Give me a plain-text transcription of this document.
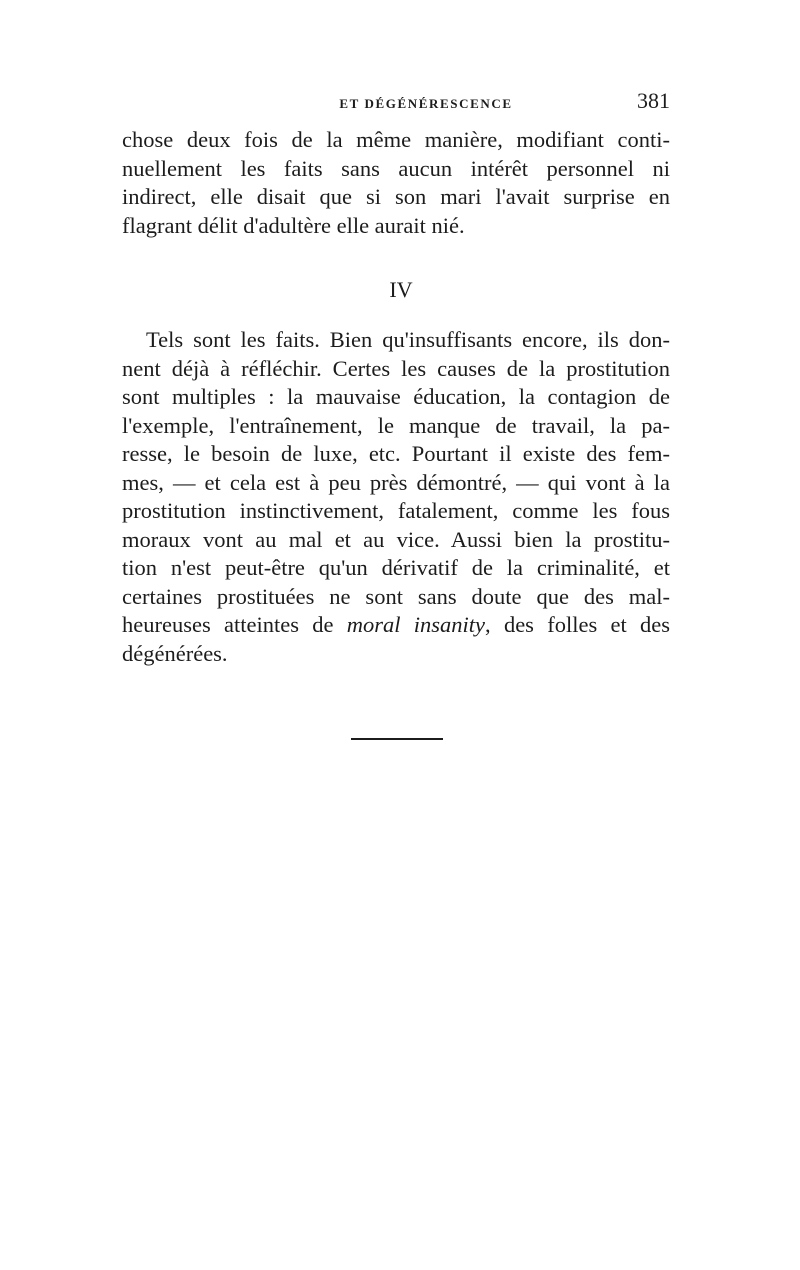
ET DÉGÉNÉRESCENCE	381

chose deux fois de la même manière, modifiant conti-
nuellement les faits sans aucun intérêt personnel ni
indirect, elle disait que si son mari l'avait surprise en
flagrant délit d'adultère elle aurait nié.

IV

Tels sont les faits. Bien qu'insuffisants encore, ils don-
nent déjà à réfléchir. Certes les causes de la prostitution
sont multiples : la mauvaise éducation, la contagion de
l'exemple, l'entraînement, le manque de travail, la pa-
resse, le besoin de luxe, etc. Pourtant il existe des fem-
mes, — et cela est à peu près démontré, — qui vont à la
prostitution instinctivement, fatalement, comme les fous
moraux vont au mal et au vice. Aussi bien la prostitu-
tion n'est peut-être qu'un dérivatif de la criminalité, et
certaines prostituées ne sont sans doute que des mal-
heureuses atteintes de moral insanity, des folles et des
dégénérées.
